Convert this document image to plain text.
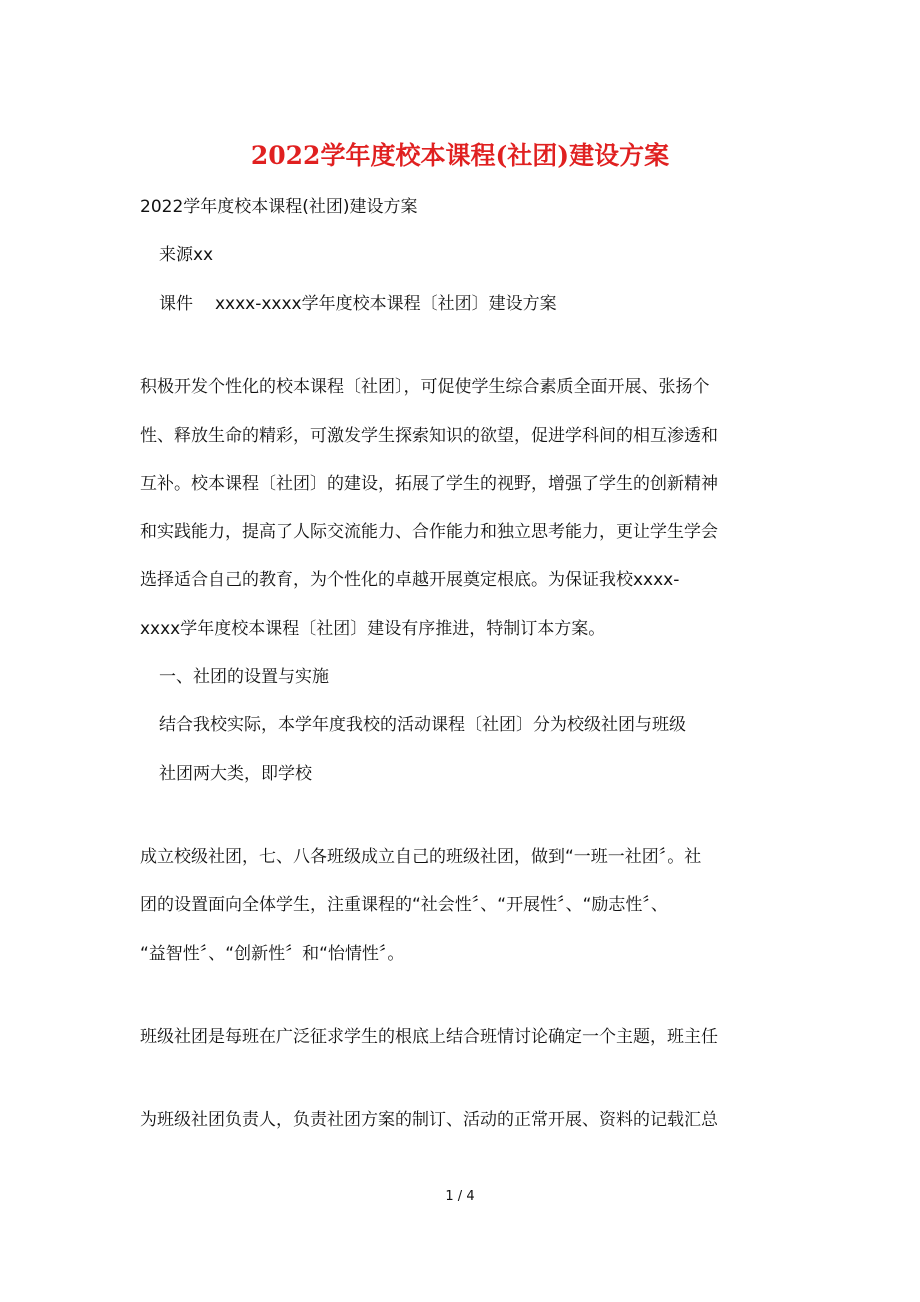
2022学年度校本课程(社团)建设方案

2022学年度校本课程(社团)建设方案

来源xx

课件 xxxx-xxxx学年度校本课程〔社团〕建设方案

积极开发个性化的校本课程〔社团〕，可促使学生综合素质全面开展、张扬个

性、释放生命的精彩，可激发学生探索知识的欲望，促进学科间的相互渗透和

互补。校本课程〔社团〕的建设，拓展了学生的视野，增强了学生的创新精神

和实践能力，提高了人际交流能力、合作能力和独立思考能力，更让学生学会

选择适合自己的教育，为个性化的卓越开展奠定根底。为保证我校xxxx-

xxxx学年度校本课程〔社团〕建设有序推进，特制订本方案。

一、社团的设置与实施

结合我校实际，本学年度我校的活动课程〔社团〕分为校级社团与班级

社团两大类，即学校

成立校级社团，七、八各班级成立自己的班级社团，做到“一班一社团〞。社

团的设置面向全体学生，注重课程的“社会性〞、“开展性〞、“励志性〞、

“益智性〞、“创新性〞和“怡情性〞。

班级社团是每班在广泛征求学生的根底上结合班情讨论确定一个主题，班主任

为班级社团负责人，负责社团方案的制订、活动的正常开展、资料的记载汇总

1 / 4
